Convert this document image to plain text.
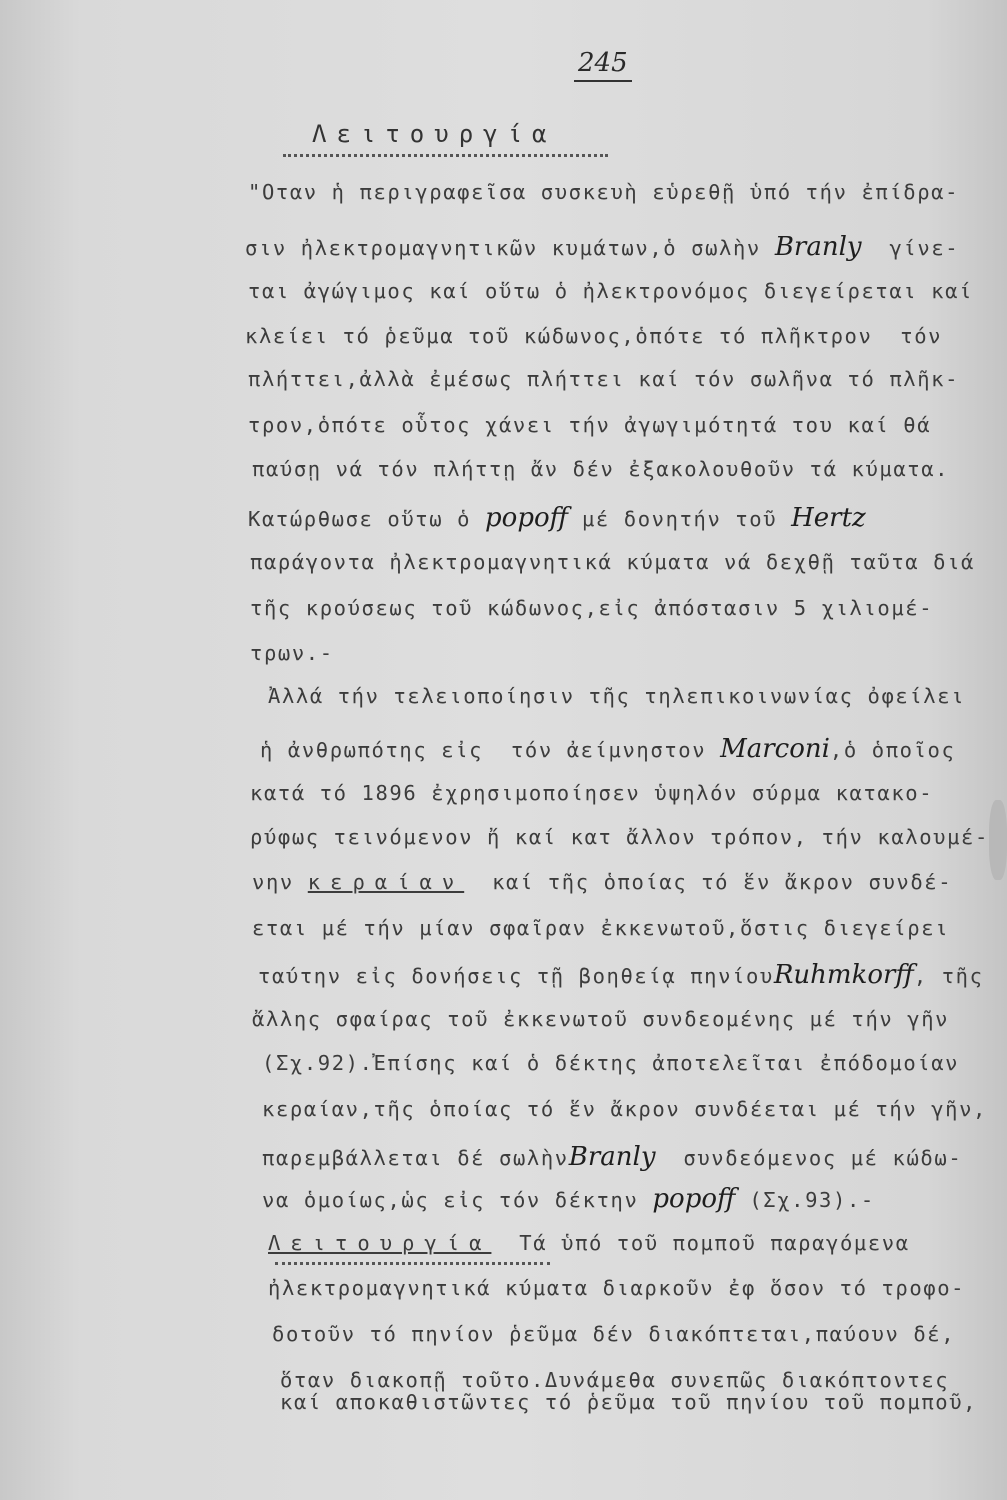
245
Λειτουργία
"Οταν ἡ περιγραφεῖσα συσκευὴ εὑρεθῇ ὑπό τήν ἐπίδρα-
σιν ἠλεκτρομαγνητικῶν κυμάτων,ὁ σωλὴν Branly  γίνε-
ται ἀγώγιμος καί οὕτω ὁ ἠλεκτρονόμος διεγείρεται καί
κλείει τό ῥεῦμα τοῦ κώδωνος,ὁπότε τό πλῆκτρον  τόν
πλήττει,ἀλλὰ ἐμέσως πλήττει καί τόν σωλῆνα τό πλῆκ-
τρον,ὁπότε οὗτος χάνει τήν ἀγωγιμότητά του καί θά
παύσῃ νά τόν πλήττῃ ἄν δέν ἐξακολουθοῦν τά κύματα.
Κατώρθωσε οὕτω ὁ popoff μέ δονητήν τοῦ Hertz
παράγοντα ἠλεκτρομαγνητικά κύματα νά δεχθῇ ταῦτα διά
τῆς κρούσεως τοῦ κώδωνος,εἰς ἀπόστασιν 5 χιλιομέ-
τρων.-
Ἀλλά τήν τελειοποίησιν τῆς τηλεπικοινωνίας ὀφείλει
ἡ ἀνθρωπότης εἰς  τόν ἀείμνηστον Marconi,ὁ ὁποῖος
κατά τό 1896 ἐχρησιμοποίησεν ὑψηλόν σύρμα κατακο-
ρύφως τεινόμενον ἤ καί κατ ἄλλον τρόπον, τήν καλουμέ-
νην κεραίαν  καί τῆς ὁποίας τό ἕν ἄκρον συνδέ-
εται μέ τήν μίαν σφαῖραν ἐκκενωτοῦ,ὅστις διεγείρει
ταύτην εἰς δονήσεις τῇ βοηθείᾳ πηνίουRuhmkorff, τῆς
ἄλλης σφαίρας τοῦ ἐκκενωτοῦ συνδεομένης μέ τήν γῆν
(Σχ.92).Ἐπίσης καί ὁ δέκτης ἀποτελεῖται ἐπόδομοίαν
κεραίαν,τῆς ὁποίας τό ἕν ἄκρον συνδέεται μέ τήν γῆν,
παρεμβάλλεται δέ σωλὴνBranly  συνδεόμενος μέ κώδω-
να ὁμοίως,ὡς εἰς τόν δέκτην popoff (Σχ.93).-
Λειτουργία  Τά ὑπό τοῦ πομποῦ παραγόμενα
ἠλεκτρομαγνητικά κύματα διαρκοῦν ἐφ ὅσον τό τροφο-
δοτοῦν τό πηνίον ῥεῦμα δέν διακόπτεται,παύουν δέ,
ὅταν διακοπῇ τοῦτο.Δυνάμεθα συνεπῶς διακόπτοντες
καί αποκαθιστῶντες τό ῥεῦμα τοῦ πηνίου τοῦ πομποῦ,
